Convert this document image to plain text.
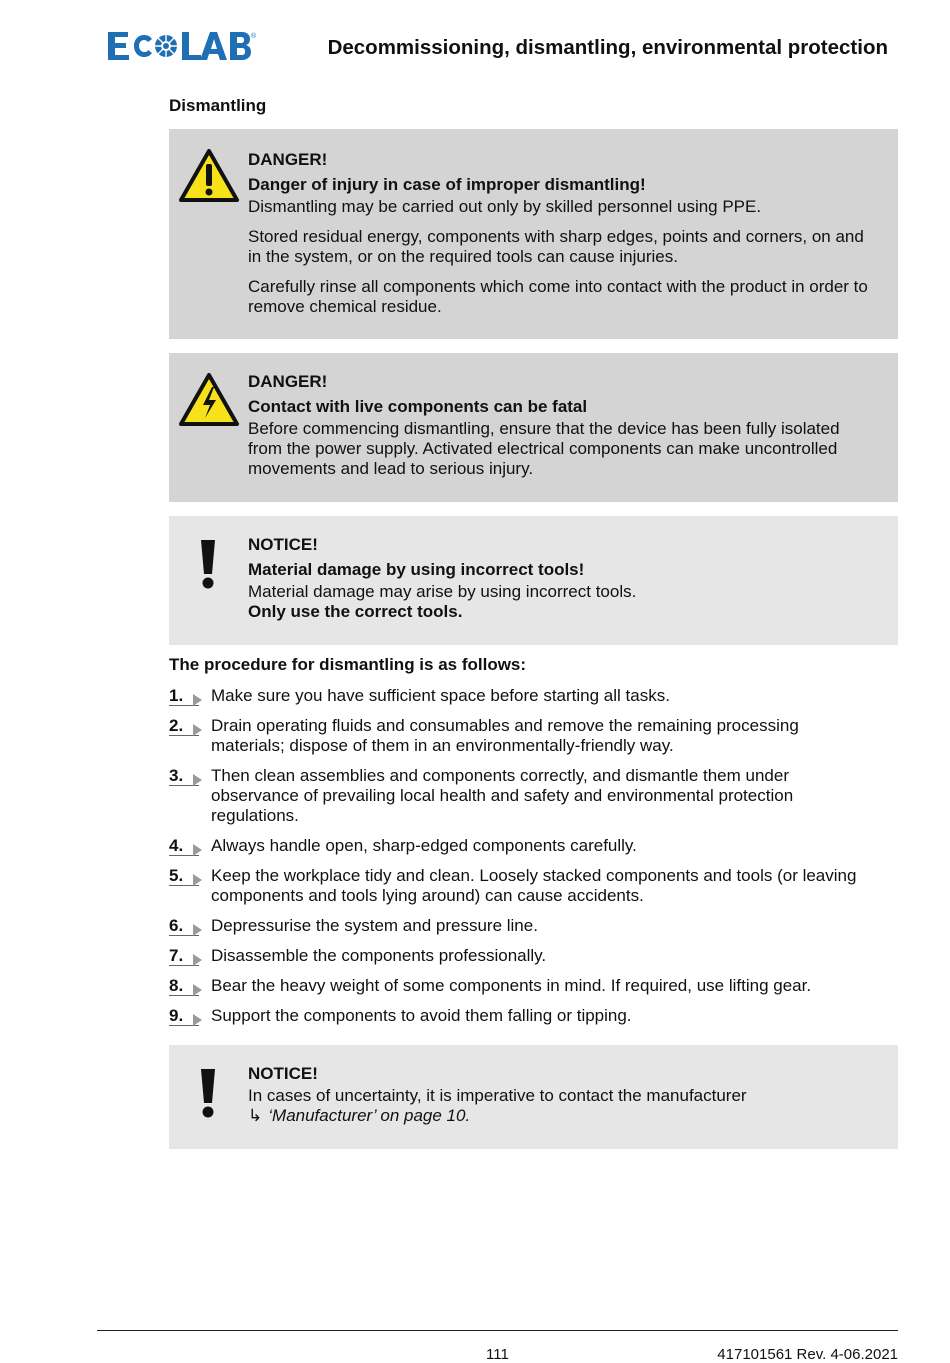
®	Decommissioning, dismantling, environmental protection
Dismantling
DANGER!
Danger of injury in case of improper dismantling!

Dismantling may be carried out only by skilled personnel using PPE.

Stored residual energy, components with sharp edges, points and corners, on and in the system, or on the required tools can cause injuries.

Carefully rinse all components which come into contact with the product in order to remove chemical residue.

DANGER!
Contact with live components can be fatal

Before commencing dismantling, ensure that the device has been fully isolated from the power supply. Activated electrical components can make uncontrolled movements and lead to serious injury.

NOTICE!
Material damage by using incorrect tools!

Material damage may arise by using incorrect tools.

Only use the correct tools.

The procedure for dismantling is as follows:
1.	Make sure you have sufficient space before starting all tasks.
2.	Drain operating fluids and consumables and remove the remaining processing materials; dispose of them in an environmentally-friendly way.
3.	Then clean assemblies and components correctly, and dismantle them under observance of prevailing local health and safety and environmental protection regulations.
4.	Always handle open, sharp-edged components carefully.
5.	Keep the workplace tidy and clean. Loosely stacked components and tools (or leaving components and tools lying around) can cause accidents.
6.	Depressurise the system and pressure line.
7.	Disassemble the components professionally.
8.	Bear the heavy weight of some components in mind. If required, use lifting gear.
9.	Support the components to avoid them falling or tipping.
NOTICE!

In cases of uncertainty, it is imperative to contact the manufacturer

↳ ‘Manufacturer’ on page 10.

111	417101561 Rev. 4-06.2021
